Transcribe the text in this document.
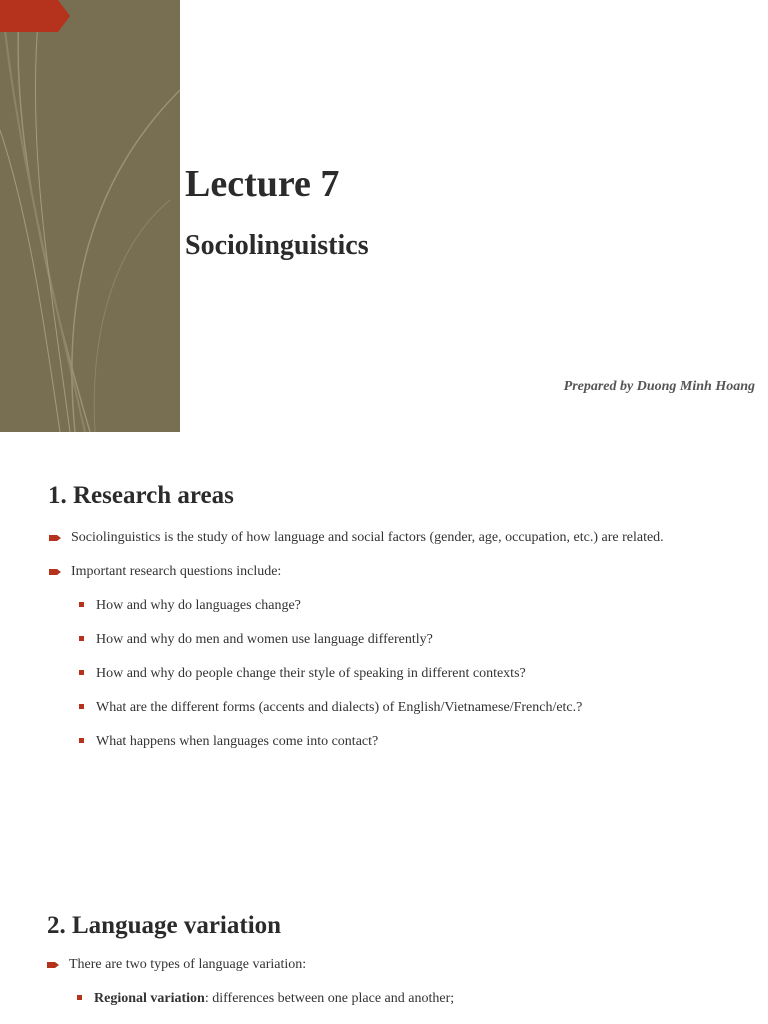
Lecture 7
Sociolinguistics
Prepared by Duong Minh Hoang
1. Research areas
Sociolinguistics is the study of how language and social factors (gender, age, occupation, etc.) are related.
Important research questions include:
How and why do languages change?
How and why do men and women use language differently?
How and why do people change their style of speaking in different contexts?
What are the different forms (accents and dialects) of English/Vietnamese/French/etc.?
What happens when languages come into contact?
2. Language variation
There are two types of language variation:
Regional variation: differences between one place and another;
